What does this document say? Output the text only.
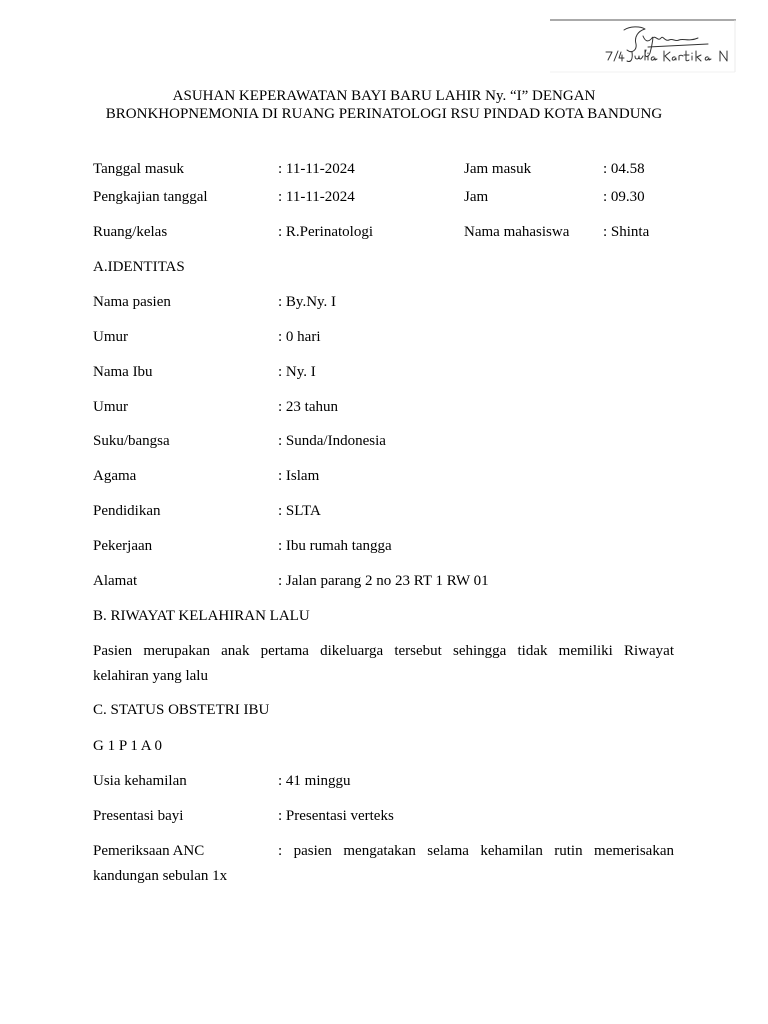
ASUHAN KEPERAWATAN BAYI BARU LAHIR Ny. “I” DENGAN
BRONKHOPNEMONIA DI RUANG PERINATOLOGI RSU PINDAD KOTA BANDUNG
Tanggal masuk	: 11-11-2024	Jam masuk	: 04.58
Pengkajian tanggal	: 11-11-2024	Jam	: 09.30
Ruang/kelas	: R.Perinatologi	Nama mahasiswa : Shinta
A.IDENTITAS
Nama pasien	: By.Ny. I
Umur	: 0 hari
Nama Ibu	: Ny. I
Umur	: 23 tahun
Suku/bangsa	: Sunda/Indonesia
Agama	: Islam
Pendidikan	: SLTA
Pekerjaan	: Ibu rumah tangga
Alamat	: Jalan parang 2 no 23 RT 1 RW 01
B. RIWAYAT KELAHIRAN LALU
Pasien merupakan anak pertama dikeluarga tersebut sehingga tidak memiliki Riwayat
kelahiran yang lalu
C. STATUS OBSTETRI IBU
G 1 P 1 A 0
Usia kehamilan	: 41 minggu
Presentasi bayi	: Presentasi verteks
Pemeriksaan ANC	: pasien mengatakan selama kehamilan rutin memerisakan
kandungan sebulan 1x
